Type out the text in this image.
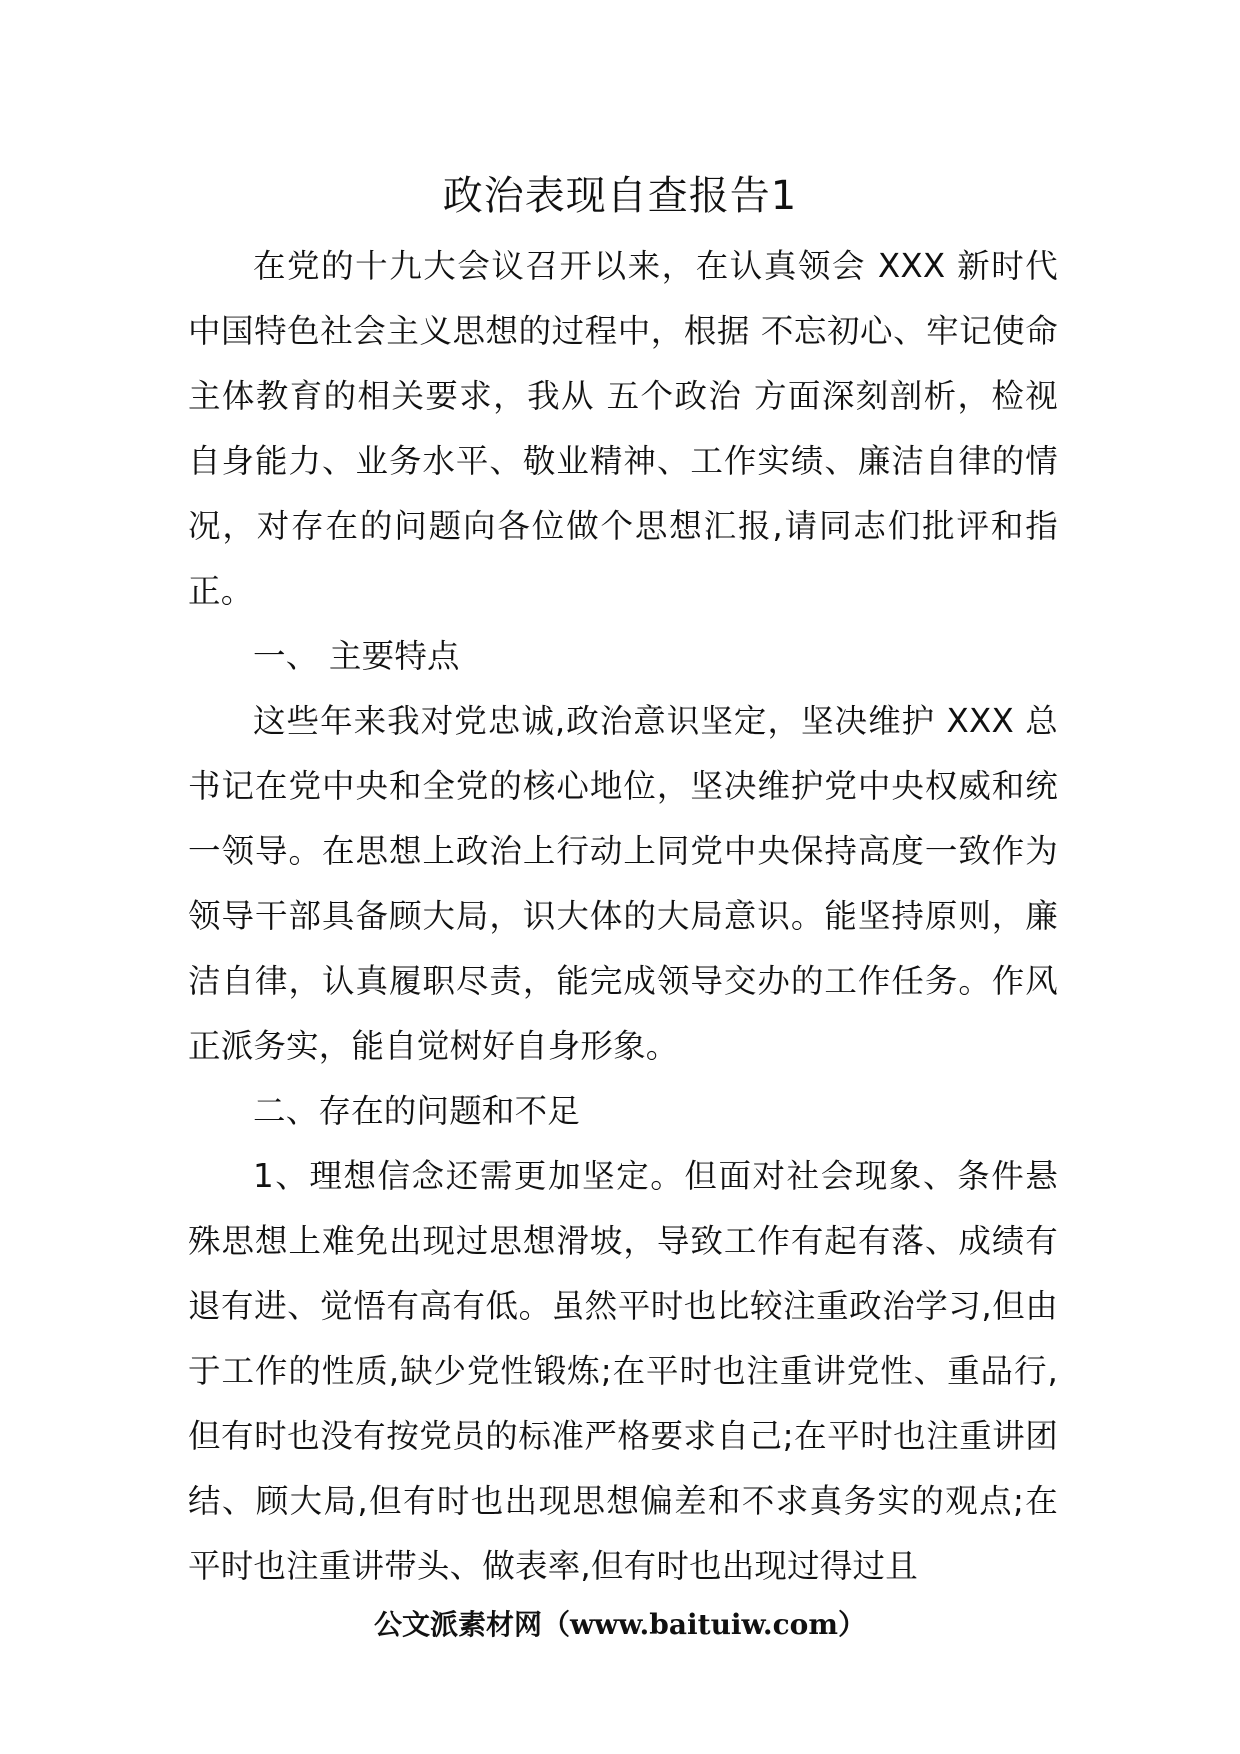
政治表现自查报告1

在党的十九大会议召开以来，在认真领会 XXX 新时代中国特色社会主义思想的过程中，根据 不忘初心、牢记使命 主体教育的相关要求，我从 五个政治 方面深刻剖析，检视自身能力、业务水平、敬业精神、工作实绩、廉洁自律的情况，对存在的问题向各位做个思想汇报,请同志们批评和指正。

一、 主要特点

这些年来我对党忠诚,政治意识坚定，坚决维护 XXX 总书记在党中央和全党的核心地位，坚决维护党中央权威和统一领导。在思想上政治上行动上同党中央保持高度一致作为领导干部具备顾大局，识大体的大局意识。能坚持原则，廉洁自律，认真履职尽责，能完成领导交办的工作任务。作风正派务实，能自觉树好自身形象。

二、存在的问题和不足

1、理想信念还需更加坚定。但面对社会现象、条件悬殊思想上难免出现过思想滑坡，导致工作有起有落、成绩有退有进、觉悟有高有低。虽然平时也比较注重政治学习,但由于工作的性质,缺少党性锻炼;在平时也注重讲党性、重品行,但有时也没有按党员的标准严格要求自己;在平时也注重讲团结、顾大局,但有时也出现思想偏差和不求真务实的观点;在平时也注重讲带头、做表率,但有时也出现过得过且

公文派素材网（www.baituiw.com）
